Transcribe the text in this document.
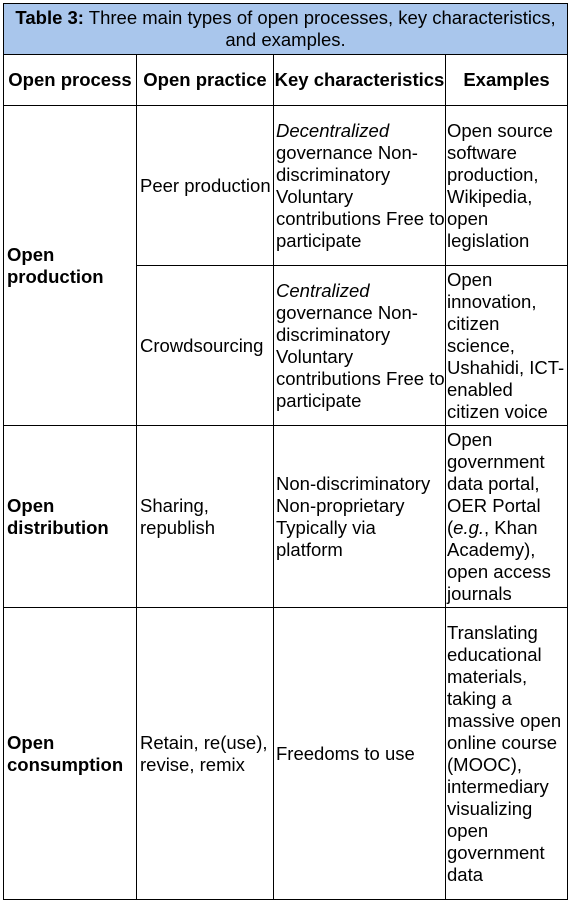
Table 3: Three main types of open processes, key characteristics, and examples.			
Open process	Open practice	Key characteristics	Examples
Open production	Peer production	Decentralized governance Non-discriminatory Voluntary contributions Free to participate	Open source software production, Wikipedia, open legislation
	Crowdsourcing	Centralized governance Non-discriminatory Voluntary contributions Free to participate	Open innovation, citizen science, Ushahidi, ICT-enabled citizen voice
Open distribution	Sharing, republish	Non-discriminatory Non-proprietary Typically via platform	Open government data portal, OER Portal (e.g., Khan Academy), open access journals
Open consumption	Retain, re(use), revise, remix	Freedoms to use	Translating educational materials, taking a massive open online course (MOOC), intermediary visualizing open government data
